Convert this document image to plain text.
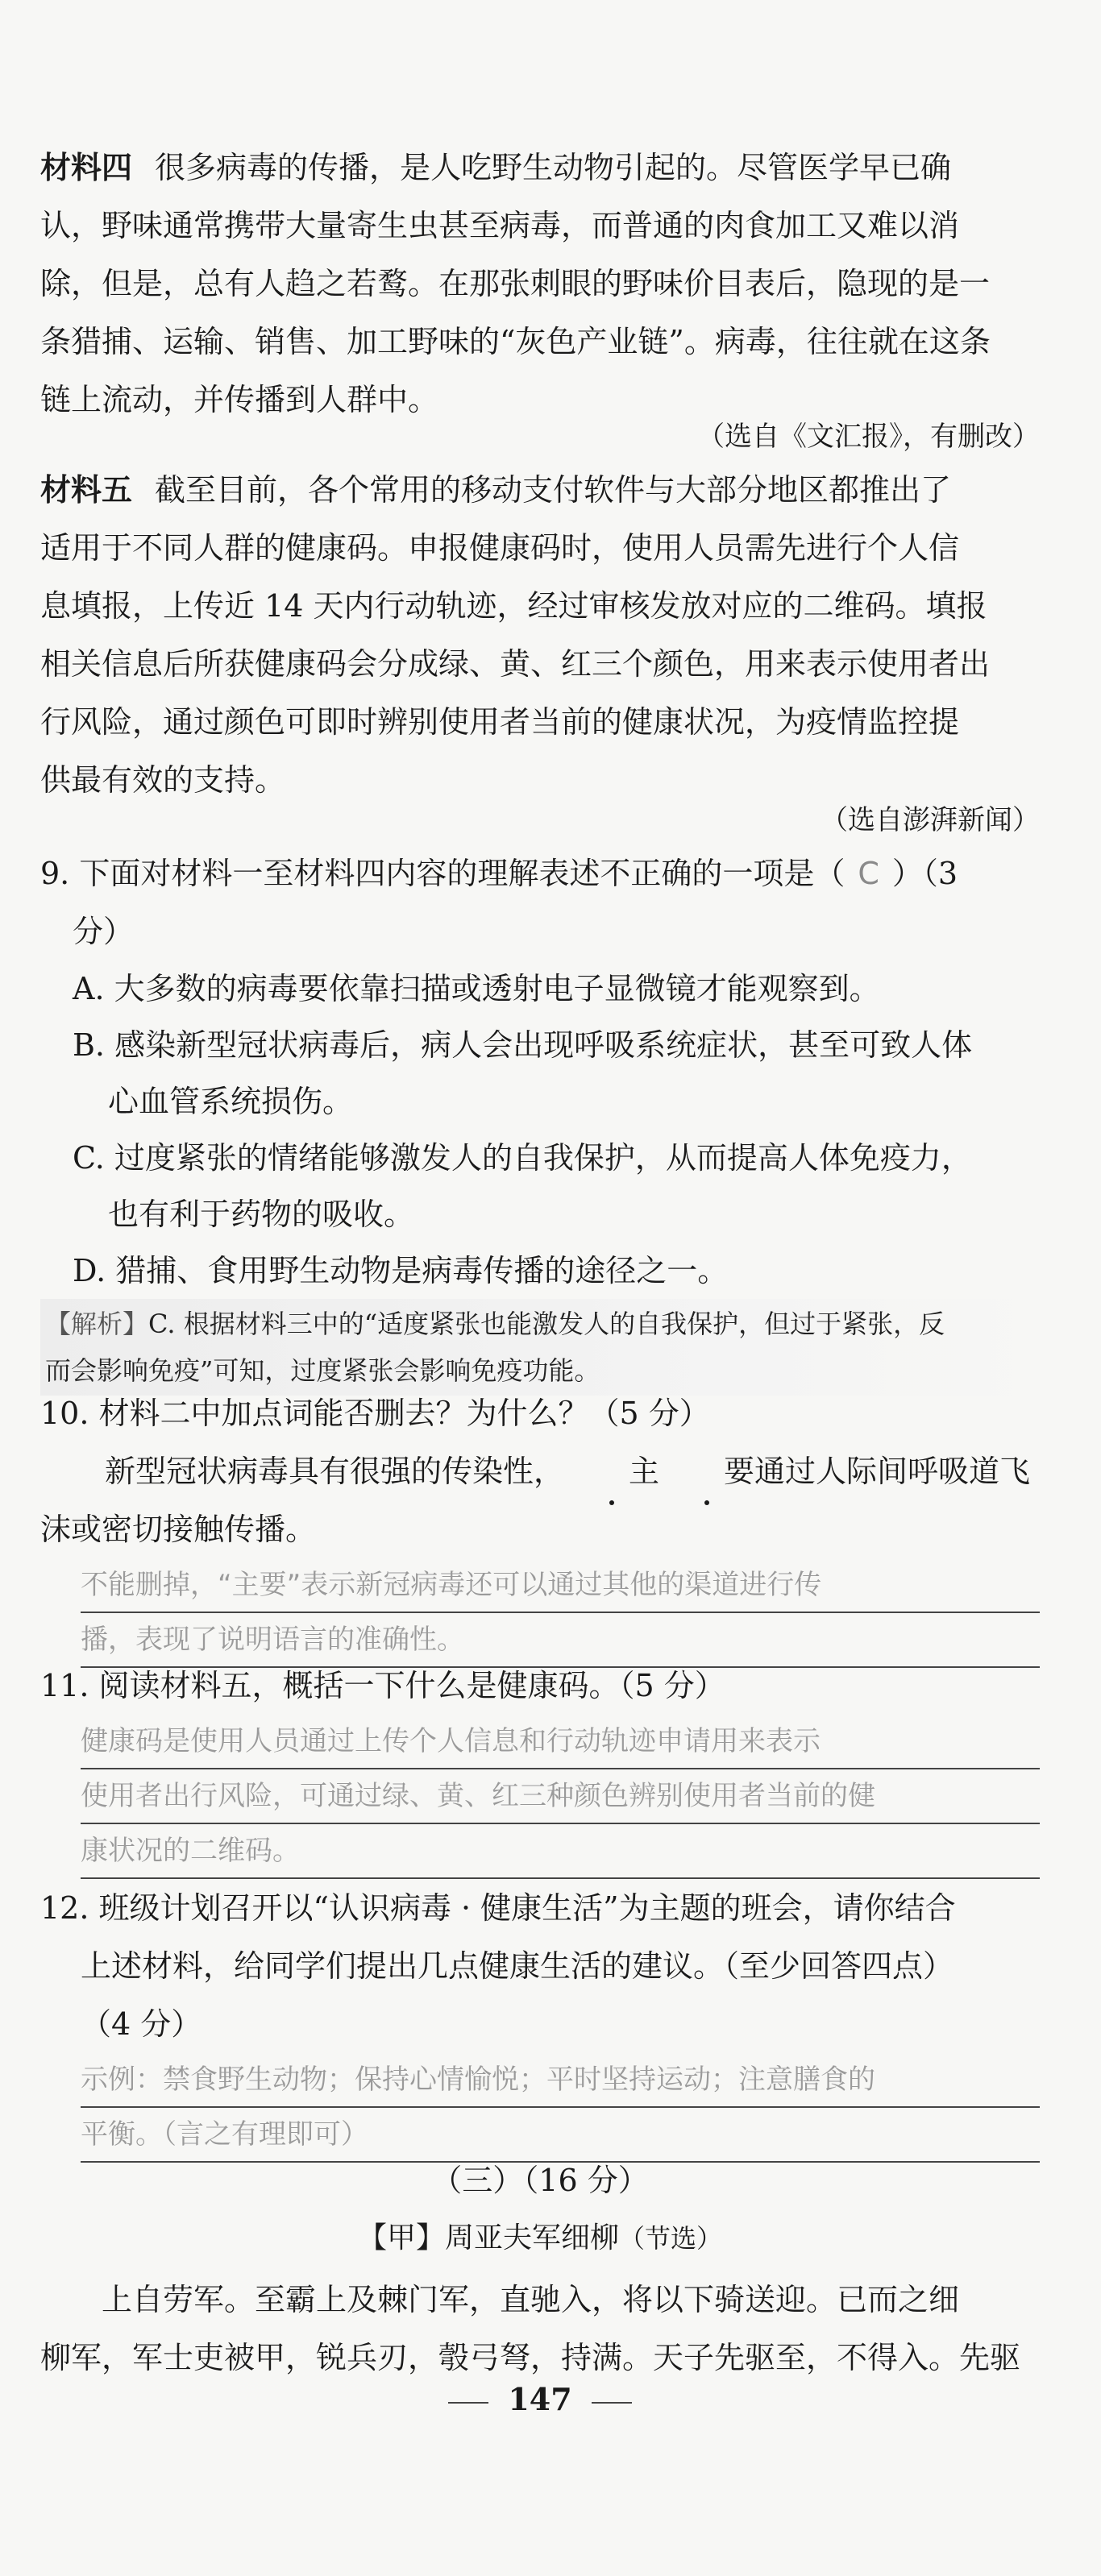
材料四 很多病毒的传播，是人吃野生动物引起的。尽管医学早已确

认，野味通常携带大量寄生虫甚至病毒，而普通的肉食加工又难以消

除，但是，总有人趋之若鹜。在那张刺眼的野味价目表后，隐现的是一

条猎捕、运输、销售、加工野味的“灰色产业链”。病毒，往往就在这条

链上流动，并传播到人群中。

（选自《文汇报》，有删改）

材料五 截至目前，各个常用的移动支付软件与大部分地区都推出了

适用于不同人群的健康码。申报健康码时，使用人员需先进行个人信

息填报，上传近 14 天内行动轨迹，经过审核发放对应的二维码。填报

相关信息后所获健康码会分成绿、黄、红三个颜色，用来表示使用者出

行风险，通过颜色可即时辨别使用者当前的健康状况，为疫情监控提

供最有效的支持。

（选自澎湃新闻）

9. 下面对材料一至材料四内容的理解表述不正确的一项是（ C ）（3

分）

A. 大多数的病毒要依靠扫描或透射电子显微镜才能观察到。
B. 感染新型冠状病毒后，病人会出现呼吸系统症状，甚至可致人体
心血管系统损伤。
C. 过度紧张的情绪能够激发人的自我保护，从而提高人体免疫力，
也有利于药物的吸收。
D. 猎捕、食用野生动物是病毒传播的途径之一。
【解析】C. 根据材料三中的“适度紧张也能激发人的自我保护，但过于紧张，反
而会影响免疫”可知，过度紧张会影响免疫功能。

10. 材料二中加点词能否删去？为什么？（5 分）

新型冠状病毒具有很强的传染性， 主 要通过人际间呼吸道飞
沫或密切接触传播。
不能删掉，“主要”表示新冠病毒还可以通过其他的渠道进行传
播，表现了说明语言的准确性。

11. 阅读材料五，概括一下什么是健康码。（5 分）

健康码是使用人员通过上传个人信息和行动轨迹申请用来表示
使用者出行风险，可通过绿、黄、红三种颜色辨别使用者当前的健
康状况的二维码。

12. 班级计划召开以“认识病毒 · 健康生活”为主题的班会，请你结合

上述材料，给同学们提出几点健康生活的建议。（至少回答四点）

（4 分）

示例：禁食野生动物；保持心情愉悦；平时坚持运动；注意膳食的
平衡。（言之有理即可）
（三）（16 分）
【甲】周亚夫军细柳（节选）

上自劳军。至霸上及棘门军，直驰入，将以下骑送迎。已而之细

柳军，军士吏被甲，锐兵刃，彀弓弩，持满。天子先驱至，不得入。先驱

147
